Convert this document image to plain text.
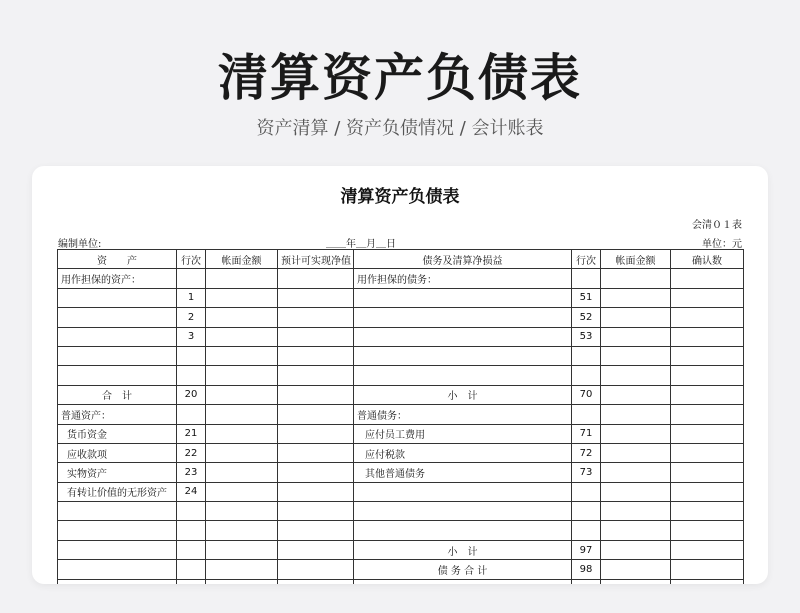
清算资产负债表
资产清算 / 资产负债情况 / 会计账表
清算资产负债表
会清０１表
编制单位:	＿＿年＿月＿日	单位：元
资　　产	行次	帐面金额	预计可实现净值	债务及清算净损益	行次	帐面金额	确认数
用作担保的资产：				用作担保的债务：			
	1				51		
	2				52		
	3				53		

合　计	20			小　计	70		
普通资产：				普通债务：			
货币资金	21			应付员工费用	71		
应收款项	22			应付税款	72		
实物资产	23			其他普通债务	73		
有转让价值的无形资产	24						

				小　计	97		
				债 务 合 计	98		
